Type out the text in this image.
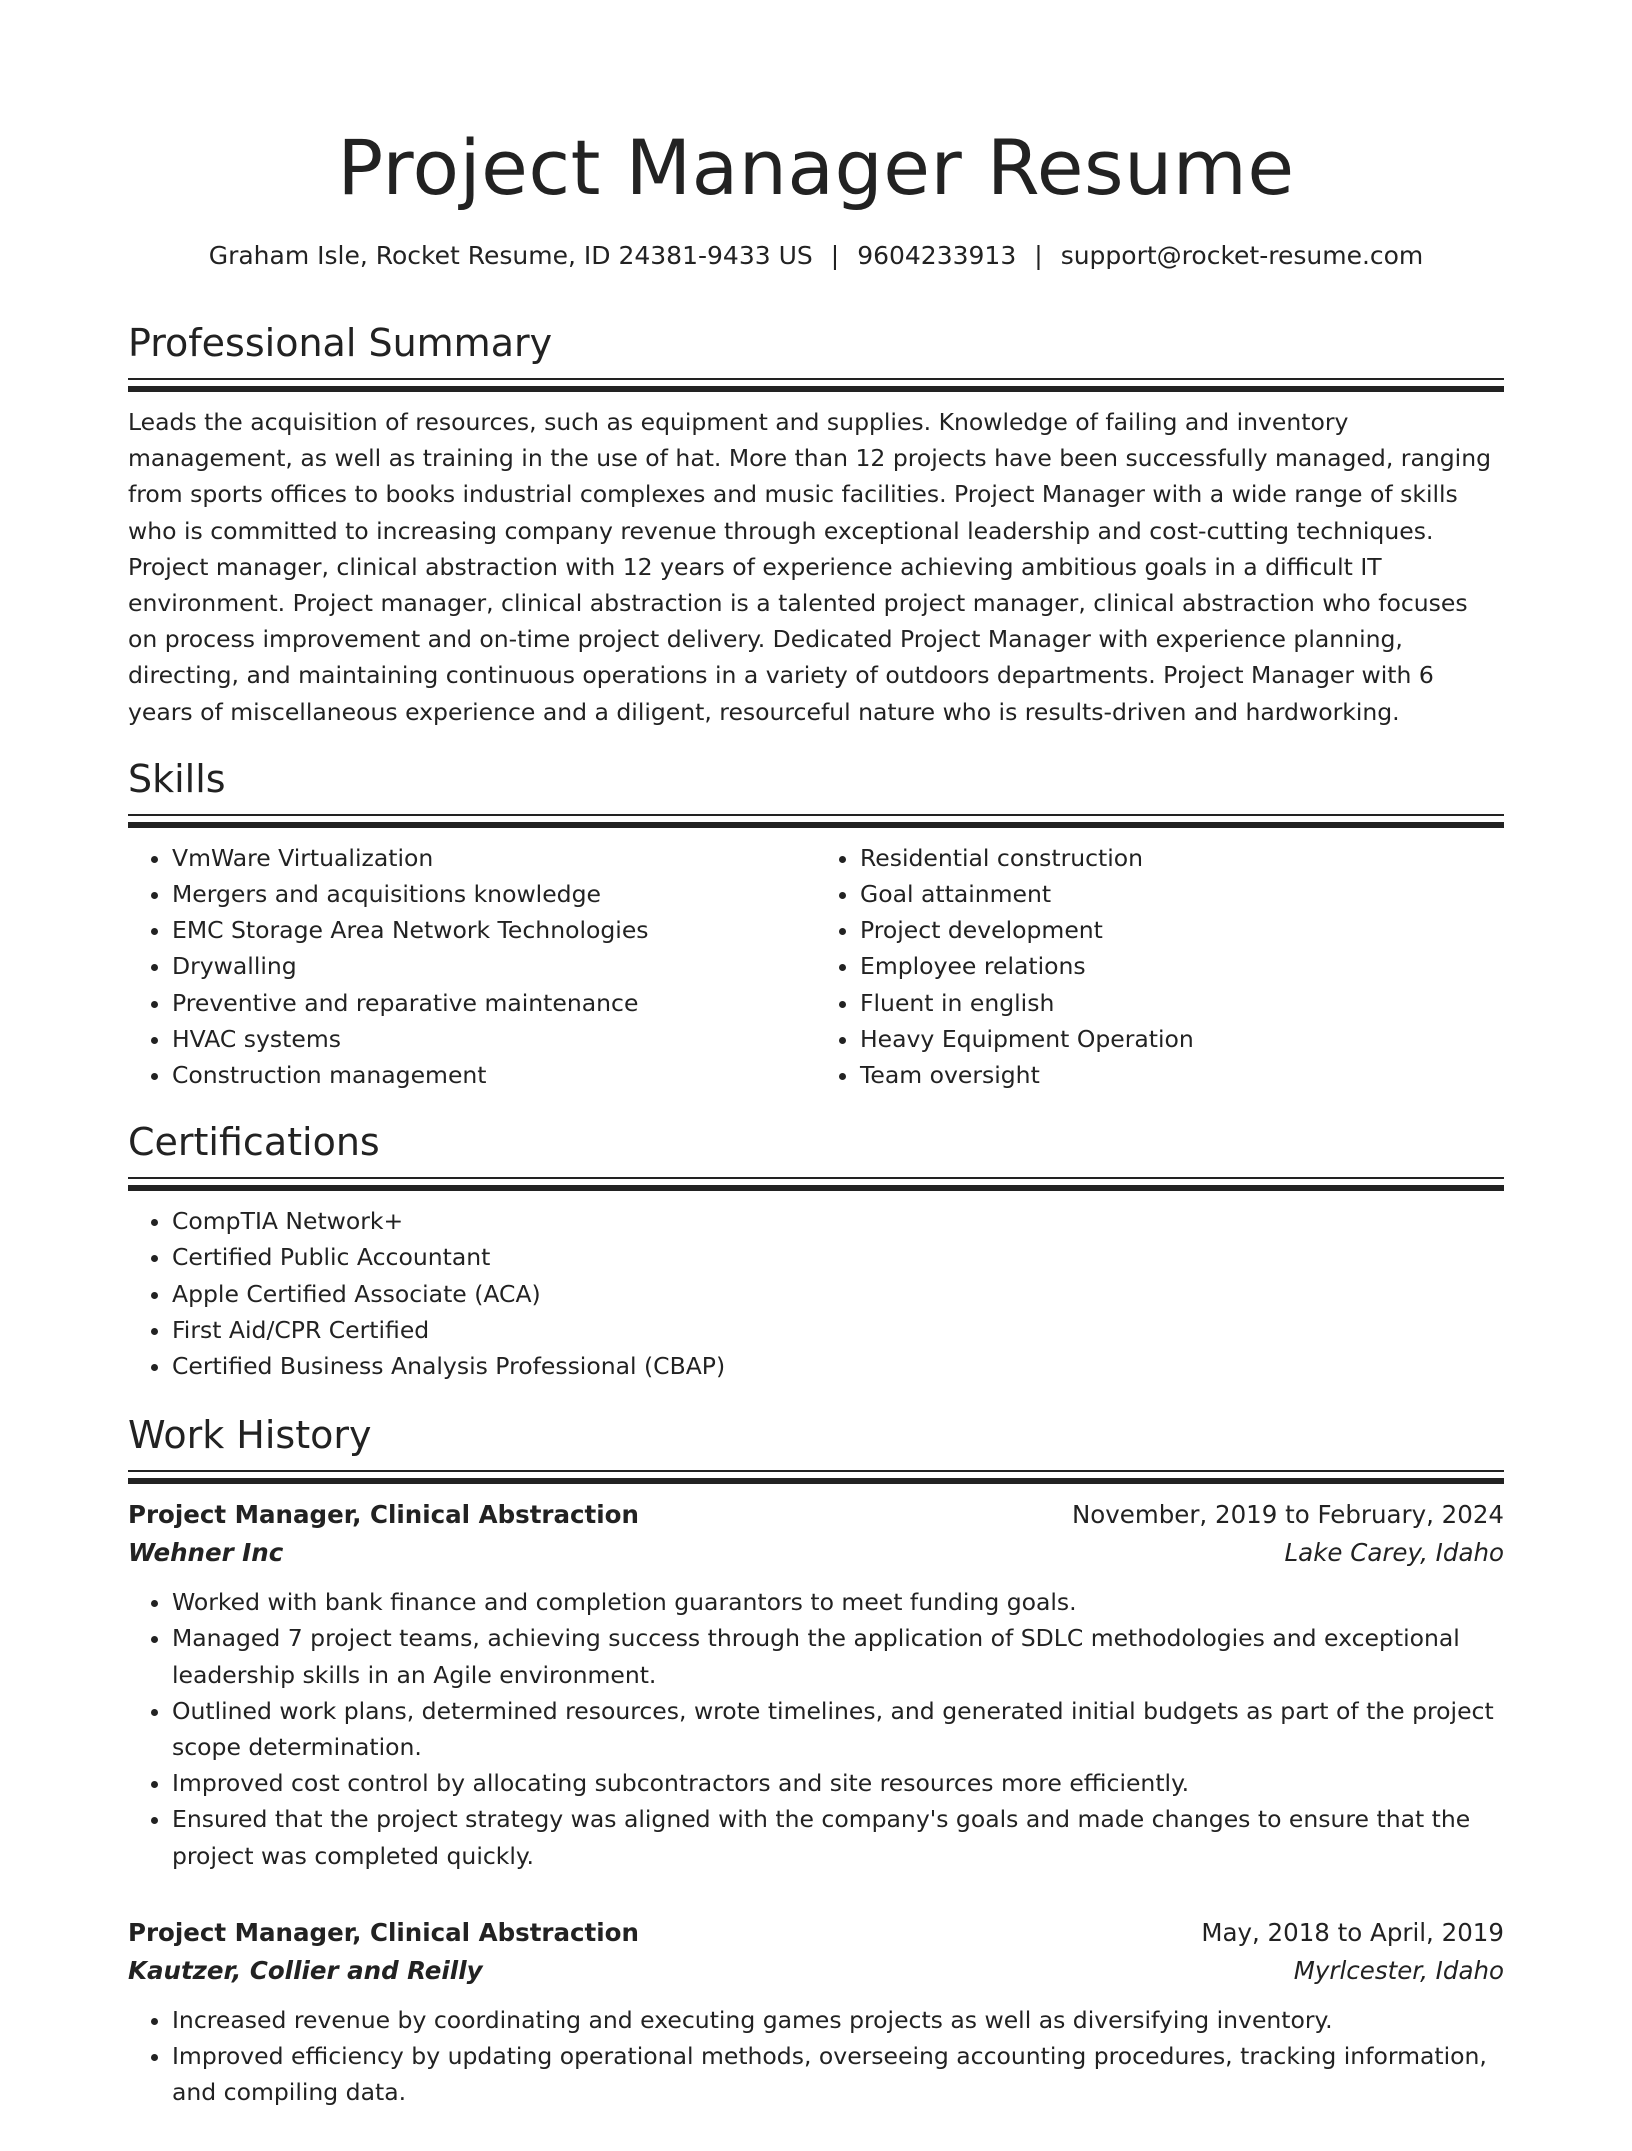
Project Manager Resume
Graham Isle, Rocket Resume, ID 24381-9433 US | 9604233913 | support@rocket-resume.com
Professional Summary

Leads the acquisition of resources, such as equipment and supplies. Knowledge of failing and inventory management, as well as training in the use of hat. More than 12 projects have been successfully managed, ranging from sports offices to books industrial complexes and music facilities. Project Manager with a wide range of skills who is committed to increasing company revenue through exceptional leadership and cost-cutting techniques. Project manager, clinical abstraction with 12 years of experience achieving ambitious goals in a difficult IT environment. Project manager, clinical abstraction is a talented project manager, clinical abstraction who focuses on process improvement and on-time project delivery. Dedicated Project Manager with experience planning, directing, and maintaining continuous operations in a variety of outdoors departments. Project Manager with 6 years of miscellaneous experience and a diligent, resourceful nature who is results-driven and hardworking.

Skills
• VmWare Virtualization
• Mergers and acquisitions knowledge
• EMC Storage Area Network Technologies
• Drywalling
• Preventive and reparative maintenance
• HVAC systems
• Construction management
• Residential construction
• Goal attainment
• Project development
• Employee relations
• Fluent in english
• Heavy Equipment Operation
• Team oversight
Certifications
• CompTIA Network+
• Certified Public Accountant
• Apple Certified Associate (ACA)
• First Aid/CPR Certified
• Certified Business Analysis Professional (CBAP)
Work History
Project Manager, Clinical Abstraction	November, 2019 to February, 2024
Wehner Inc	Lake Carey, Idaho
• Worked with bank finance and completion guarantors to meet funding goals.
• Managed 7 project teams, achieving success through the application of SDLC methodologies and exceptional leadership skills in an Agile environment.
• Outlined work plans, determined resources, wrote timelines, and generated initial budgets as part of the project scope determination.
• Improved cost control by allocating subcontractors and site resources more efficiently.
• Ensured that the project strategy was aligned with the company's goals and made changes to ensure that the project was completed quickly.
Project Manager, Clinical Abstraction	May, 2018 to April, 2019
Kautzer, Collier and Reilly	Myrlcester, Idaho
• Increased revenue by coordinating and executing games projects as well as diversifying inventory.
• Improved efficiency by updating operational methods, overseeing accounting procedures, tracking information, and compiling data.
